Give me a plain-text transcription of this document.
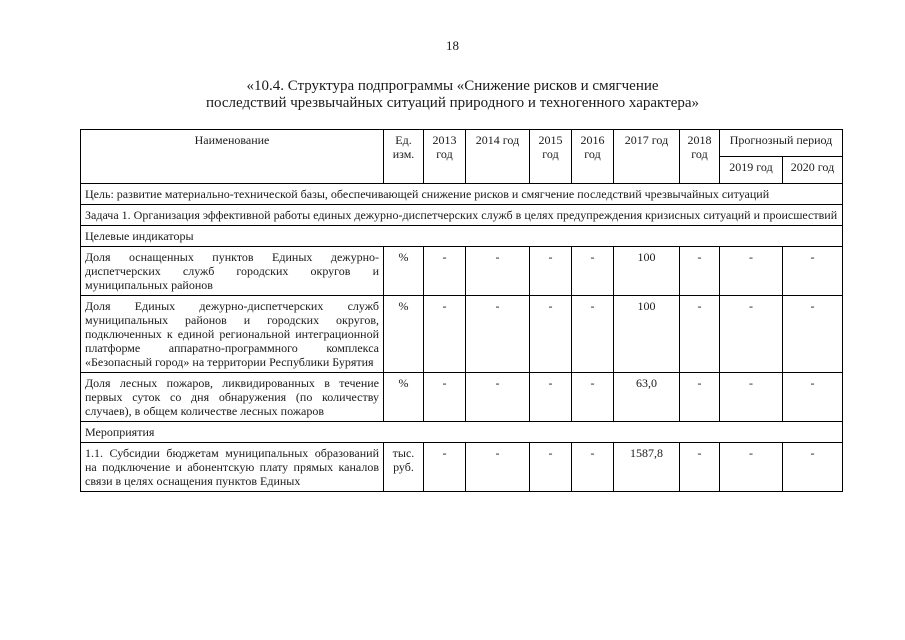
18
«10.4. Структура подпрограммы «Снижение рисков и смягчение
последствий чрезвычайных ситуаций природного и техногенного характера»
Наименование	Ед. изм.	2013 год	2014 год	2015 год	2016 год	2017 год	2018 год	Прогнозный период	
								2019 год	2020 год
Цель: развитие материально-технической базы, обеспечивающей снижение рисков и смягчение последствий чрезвычайных ситуаций									
Задача 1. Организация эффективной работы единых дежурно-диспетчерских служб в целях предупреждения кризисных ситуаций и происшествий									
Целевые индикаторы									
Доля оснащенных пунктов Единых дежурно-диспетчерских служб городских округов и муниципальных районов	%	-	-	-	-	100	-	-	-
Доля Единых дежурно-диспетчерских служб муниципальных районов и городских округов, подключенных к единой региональной интеграционной платформе аппаратно-программного комплекса «Безопасный город» на территории Республики Бурятия	%	-	-	-	-	100	-	-	-
Доля лесных пожаров, ликвидированных в течение первых суток со дня обнаружения (по количеству случаев), в общем количестве лесных пожаров	%	-	-	-	-	63,0	-	-	-
Мероприятия									
1.1. Субсидии бюджетам муниципальных образований на подключение и абонентскую плату прямых каналов связи в целях оснащения пунктов Единых	тыс. руб.	-	-	-	-	1587,8	-	-	-
